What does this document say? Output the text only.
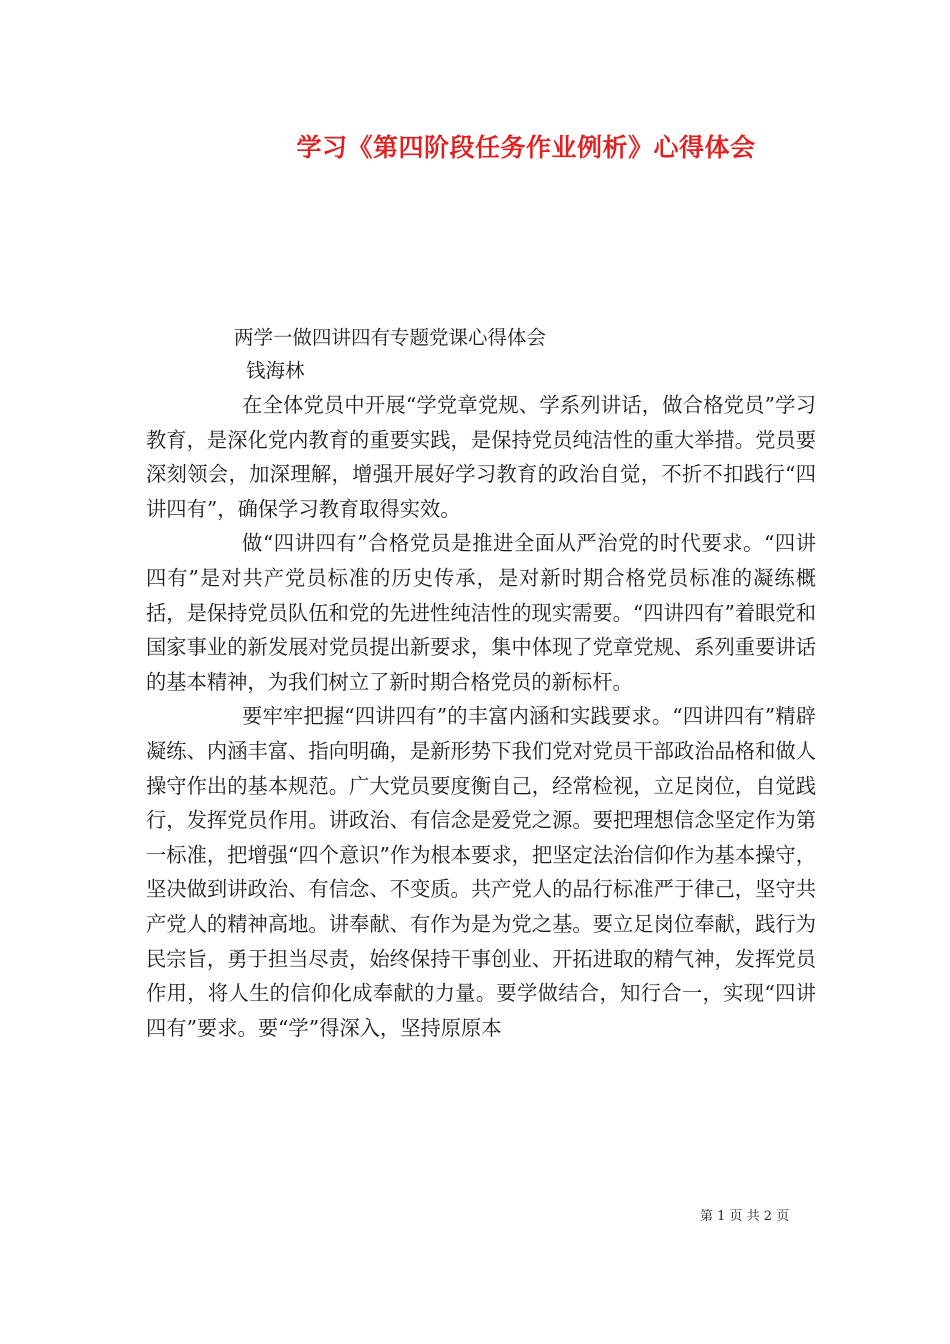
学习《第四阶段任务作业例析》心得体会

两学一做四讲四有专题党课心得体会

钱海林

在全体党员中开展“学党章党规、学系列讲话，做合格党员”学习教育，是深化党内教育的重要实践，是保持党员纯洁性的重大举措。党员要深刻领会，加深理解，增强开展好学习教育的政治自觉，不折不扣践行“四讲四有”，确保学习教育取得实效。

做“四讲四有”合格党员是推进全面从严治党的时代要求。“四讲四有”是对共产党员标准的历史传承，是对新时期合格党员标准的凝练概括，是保持党员队伍和党的先进性纯洁性的现实需要。“四讲四有”着眼党和国家事业的新发展对党员提出新要求，集中体现了党章党规、系列重要讲话的基本精神，为我们树立了新时期合格党员的新标杆。

要牢牢把握“四讲四有”的丰富内涵和实践要求。“四讲四有”精辟凝练、内涵丰富、指向明确，是新形势下我们党对党员干部政治品格和做人操守作出的基本规范。广大党员要度衡自己，经常检视，立足岗位，自觉践行，发挥党员作用。讲政治、有信念是爱党之源。要把理想信念坚定作为第一标准，把增强“四个意识”作为根本要求，把坚定法治信仰作为基本操守，坚决做到讲政治、有信念、不变质。共产党人的品行标准严于律己，坚守共产党人的精神高地。讲奉献、有作为是为党之基。要立足岗位奉献，践行为民宗旨，勇于担当尽责，始终保持干事创业、开拓进取的精气神，发挥党员作用，将人生的信仰化成奉献的力量。要学做结合，知行合一，实现“四讲四有”要求。要“学”得深入，坚持原原本

第 1 页 共 2 页
